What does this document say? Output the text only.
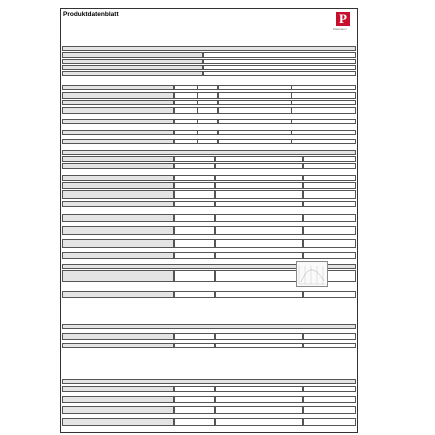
Produktdatenblatt	P
Paulmann
